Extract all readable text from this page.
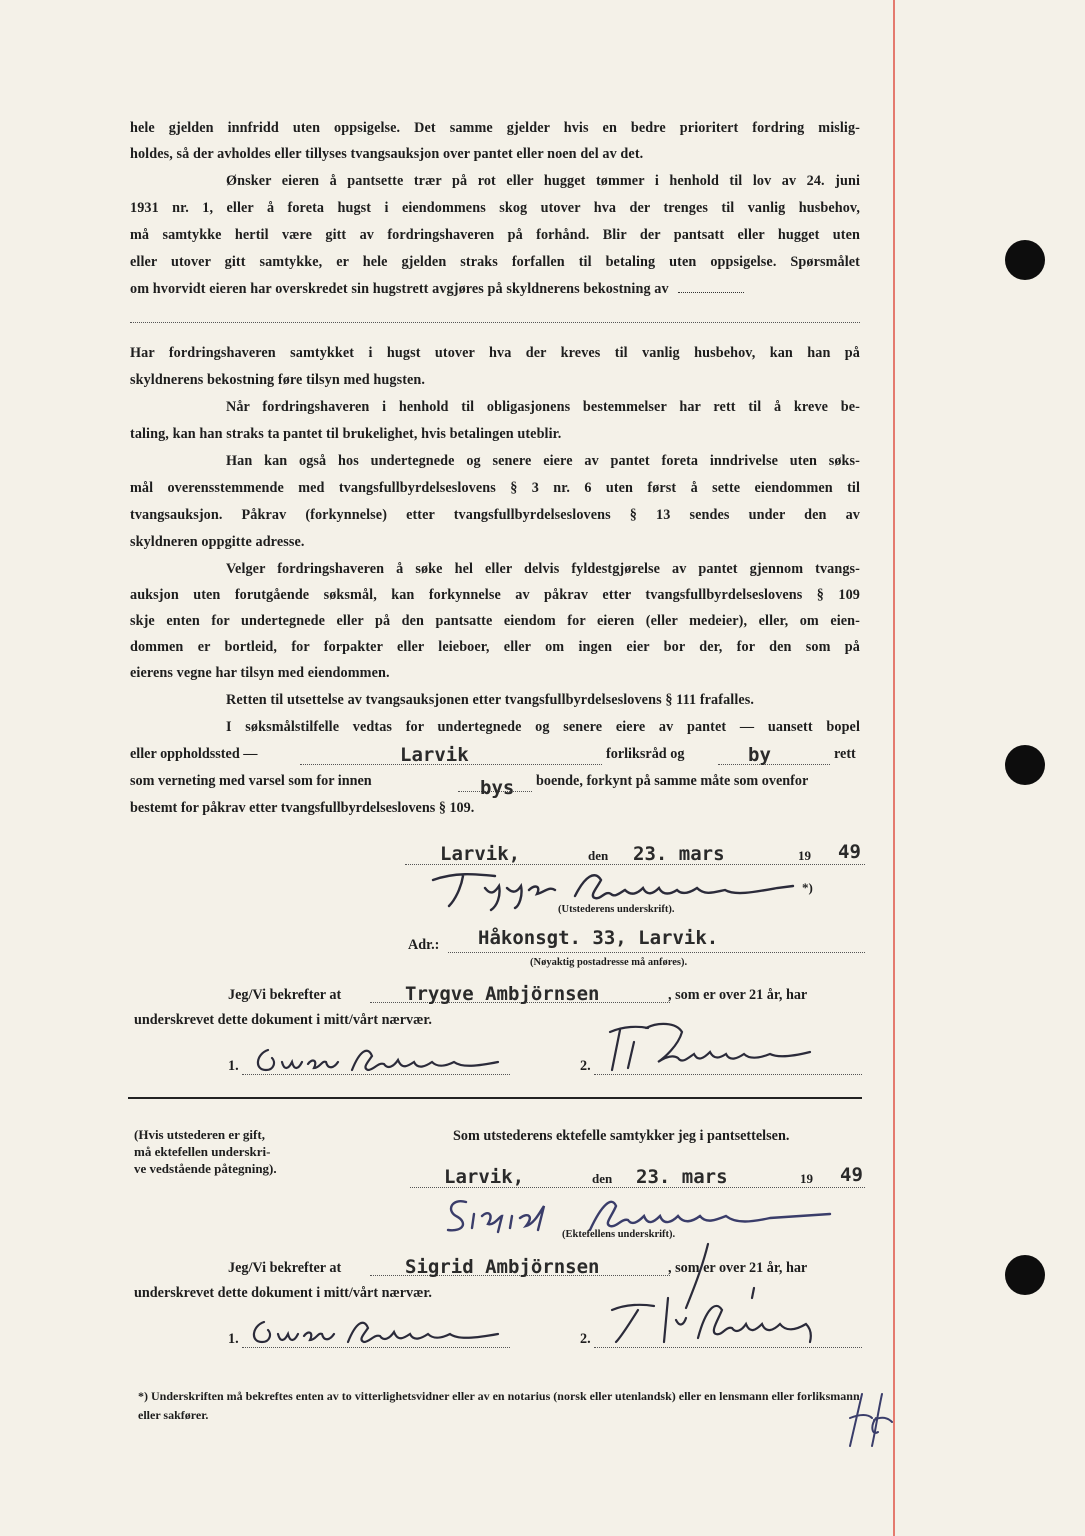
hele gjelden innfridd uten oppsigelse. Det samme gjelder hvis en bedre prioritert fordring mislig-
holdes, så der avholdes eller tillyses tvangsauksjon over pantet eller noen del av det.
Ønsker eieren å pantsette trær på rot eller hugget tømmer i henhold til lov av 24. juni
1931 nr. 1, eller å foreta hugst i eiendommens skog utover hva der trenges til vanlig husbehov,
må samtykke hertil være gitt av fordringshaveren på forhånd. Blir der pantsatt eller hugget uten
eller utover gitt samtykke, er hele gjelden straks forfallen til betaling uten oppsigelse. Spørsmålet
om hvorvidt eieren har overskredet sin hugstrett avgjøres på skyldnerens bekostning av
Har fordringshaveren samtykket i hugst utover hva der kreves til vanlig husbehov, kan han på
skyldnerens bekostning føre tilsyn med hugsten.
Når fordringshaveren i henhold til obligasjonens bestemmelser har rett til å kreve be-
taling, kan han straks ta pantet til brukelighet, hvis betalingen uteblir.
Han kan også hos undertegnede og senere eiere av pantet foreta inndrivelse uten søks-
mål overensstemmende med tvangsfullbyrdelseslovens § 3 nr. 6 uten først å sette eiendommen til
tvangsauksjon. Påkrav (forkynnelse) etter tvangsfullbyrdelseslovens § 13 sendes under den av
skyldneren oppgitte adresse.
Velger fordringshaveren å søke hel eller delvis fyldestgjørelse av pantet gjennom tvangs-
auksjon uten forutgående søksmål, kan forkynnelse av påkrav etter tvangsfullbyrdelseslovens § 109
skje enten for undertegnede eller på den pantsatte eiendom for eieren (eller medeier), eller, om eien-
dommen er bortleid, for forpakter eller leieboer, eller om ingen eier bor der, for den som på
eierens vegne har tilsyn med eiendommen.
Retten til utsettelse av tvangsauksjonen etter tvangsfullbyrdelseslovens § 111 frafalles.
I søksmålstilfelle vedtas for undertegnede og senere eiere av pantet — uansett bopel
eller oppholdssted —	Larvik	forliksråd og	by	rett
som verneting med varsel som for innen	bys boende, forkynt på samme måte som ovenfor
bestemt for påkrav etter tvangsfullbyrdelseslovens § 109.
Larvik,	den 23. mars	19 49
*)
(Utstederens underskrift).
Adr.: Håkonsgt. 33, Larvik.
(Nøyaktig postadresse må anføres).
Jeg/Vi bekrefter at	Trygve Ambjörnsen	, som er over 21 år, har
underskrevet dette dokument i mitt/vårt nærvær.
1.	2.
(Hvis utstederen er gift,
må ektefellen underskri-
ve vedstående påtegning).
Som utstederens ektefelle samtykker jeg i pantsettelsen.
Larvik,	den 23. mars	19 49
(Ektefellens underskrift).
Jeg/Vi bekrefter at	Sigrid Ambjörnsen	, som er over 21 år, har
underskrevet dette dokument i mitt/vårt nærvær.
1.	2.
*) Underskriften må bekreftes enten av to vitterlighetsvidner eller av en notarius (norsk eller utenlandsk) eller en lensmann eller forliksmann eller sakfører.
